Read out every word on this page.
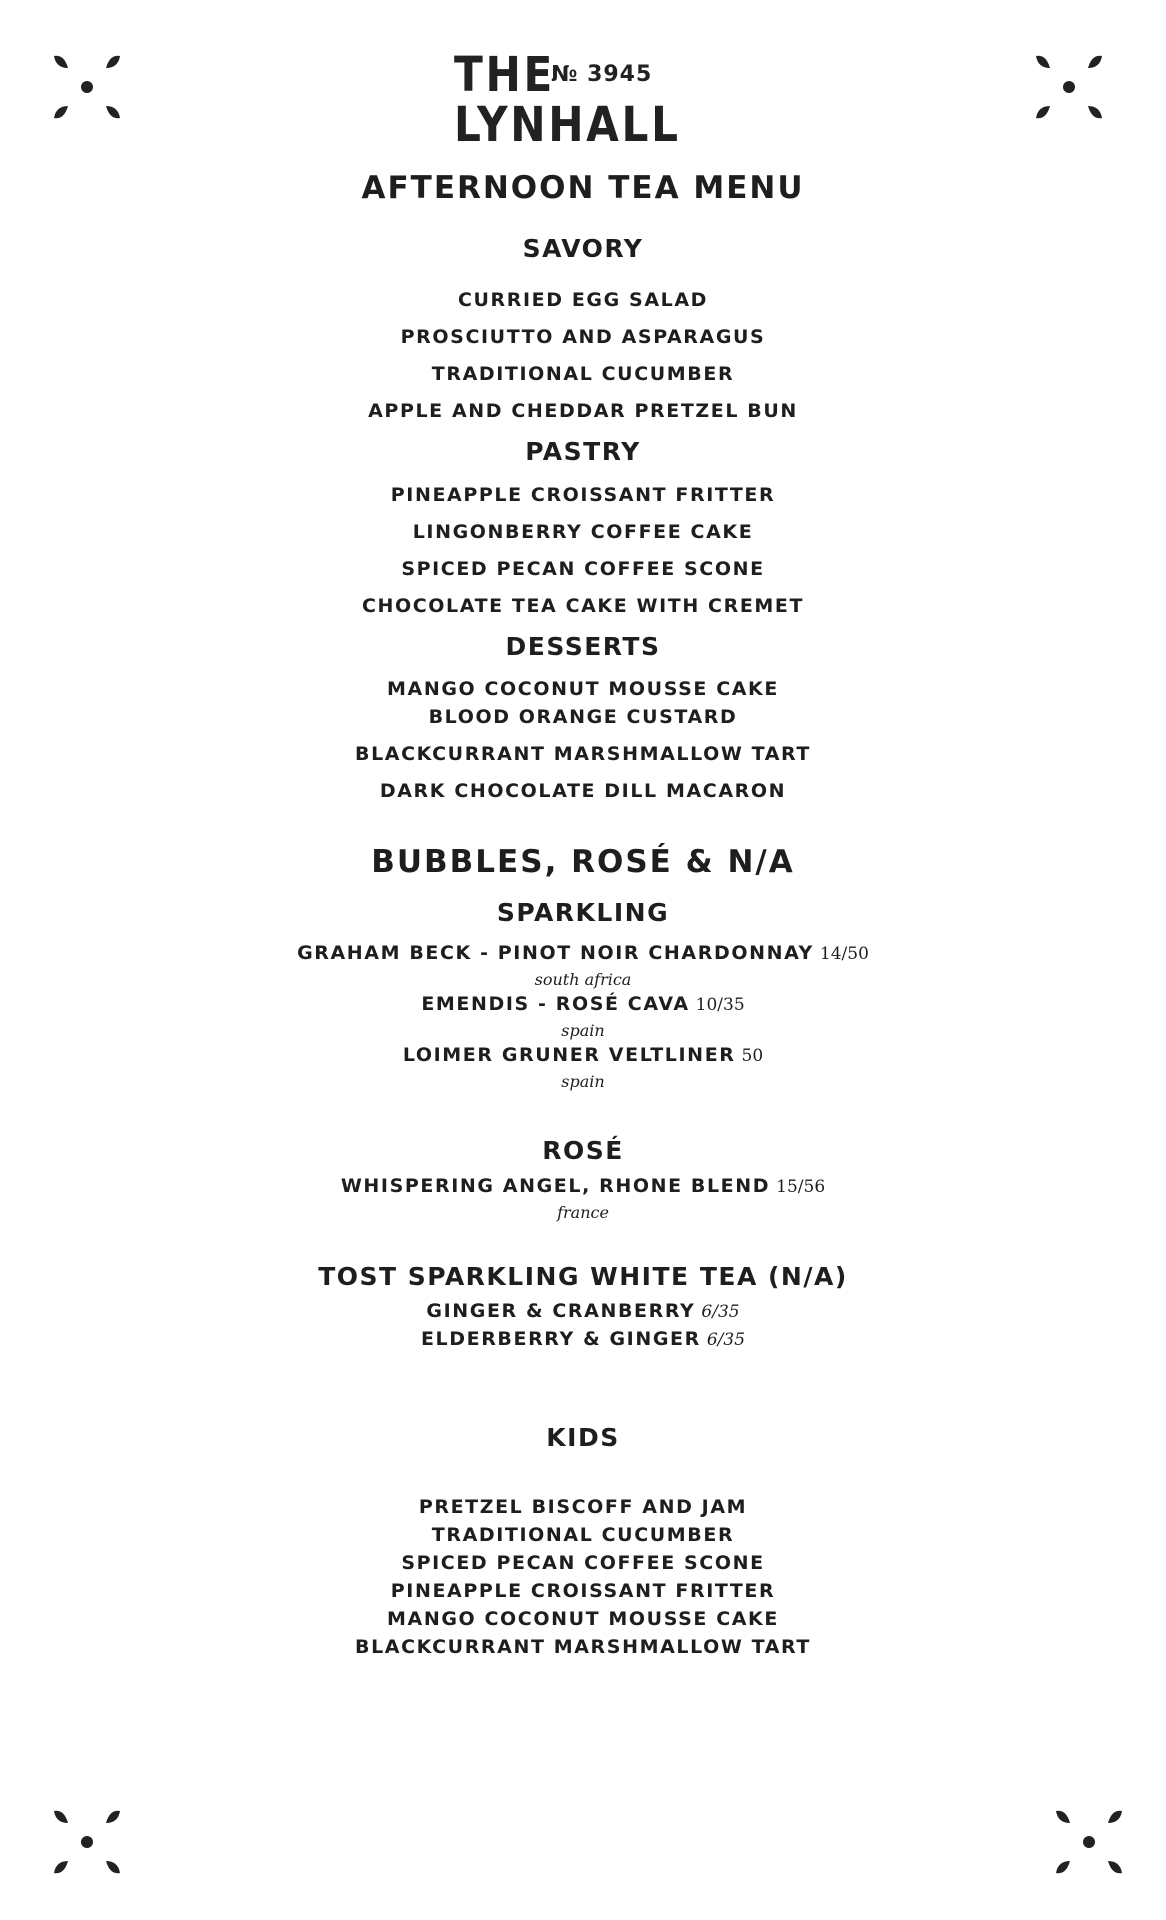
THE
№ 3945
LYNHALL
AFTERNOON TEA MENU
SAVORY
CURRIED EGG SALAD
PROSCIUTTO AND ASPARAGUS
TRADITIONAL CUCUMBER
APPLE AND CHEDDAR PRETZEL BUN
PASTRY
PINEAPPLE CROISSANT FRITTER
LINGONBERRY COFFEE CAKE
SPICED PECAN COFFEE SCONE
CHOCOLATE TEA CAKE WITH CREMET
DESSERTS
MANGO COCONUT MOUSSE CAKE
BLOOD ORANGE CUSTARD
BLACKCURRANT MARSHMALLOW TART
DARK CHOCOLATE DILL MACARON
BUBBLES, ROSÉ & N/A
SPARKLING
GRAHAM BECK - PINOT NOIR CHARDONNAY 14/50
south africa
EMENDIS - ROSÉ CAVA 10/35
spain
LOIMER GRUNER VELTLINER 50
spain
ROSÉ
WHISPERING ANGEL, RHONE BLEND 15/56
france
TOST SPARKLING WHITE TEA (N/A)
GINGER & CRANBERRY 6/35
ELDERBERRY & GINGER 6/35
KIDS
PRETZEL BISCOFF AND JAM
TRADITIONAL CUCUMBER
SPICED PECAN COFFEE SCONE
PINEAPPLE CROISSANT FRITTER
MANGO COCONUT MOUSSE CAKE
BLACKCURRANT MARSHMALLOW TART
